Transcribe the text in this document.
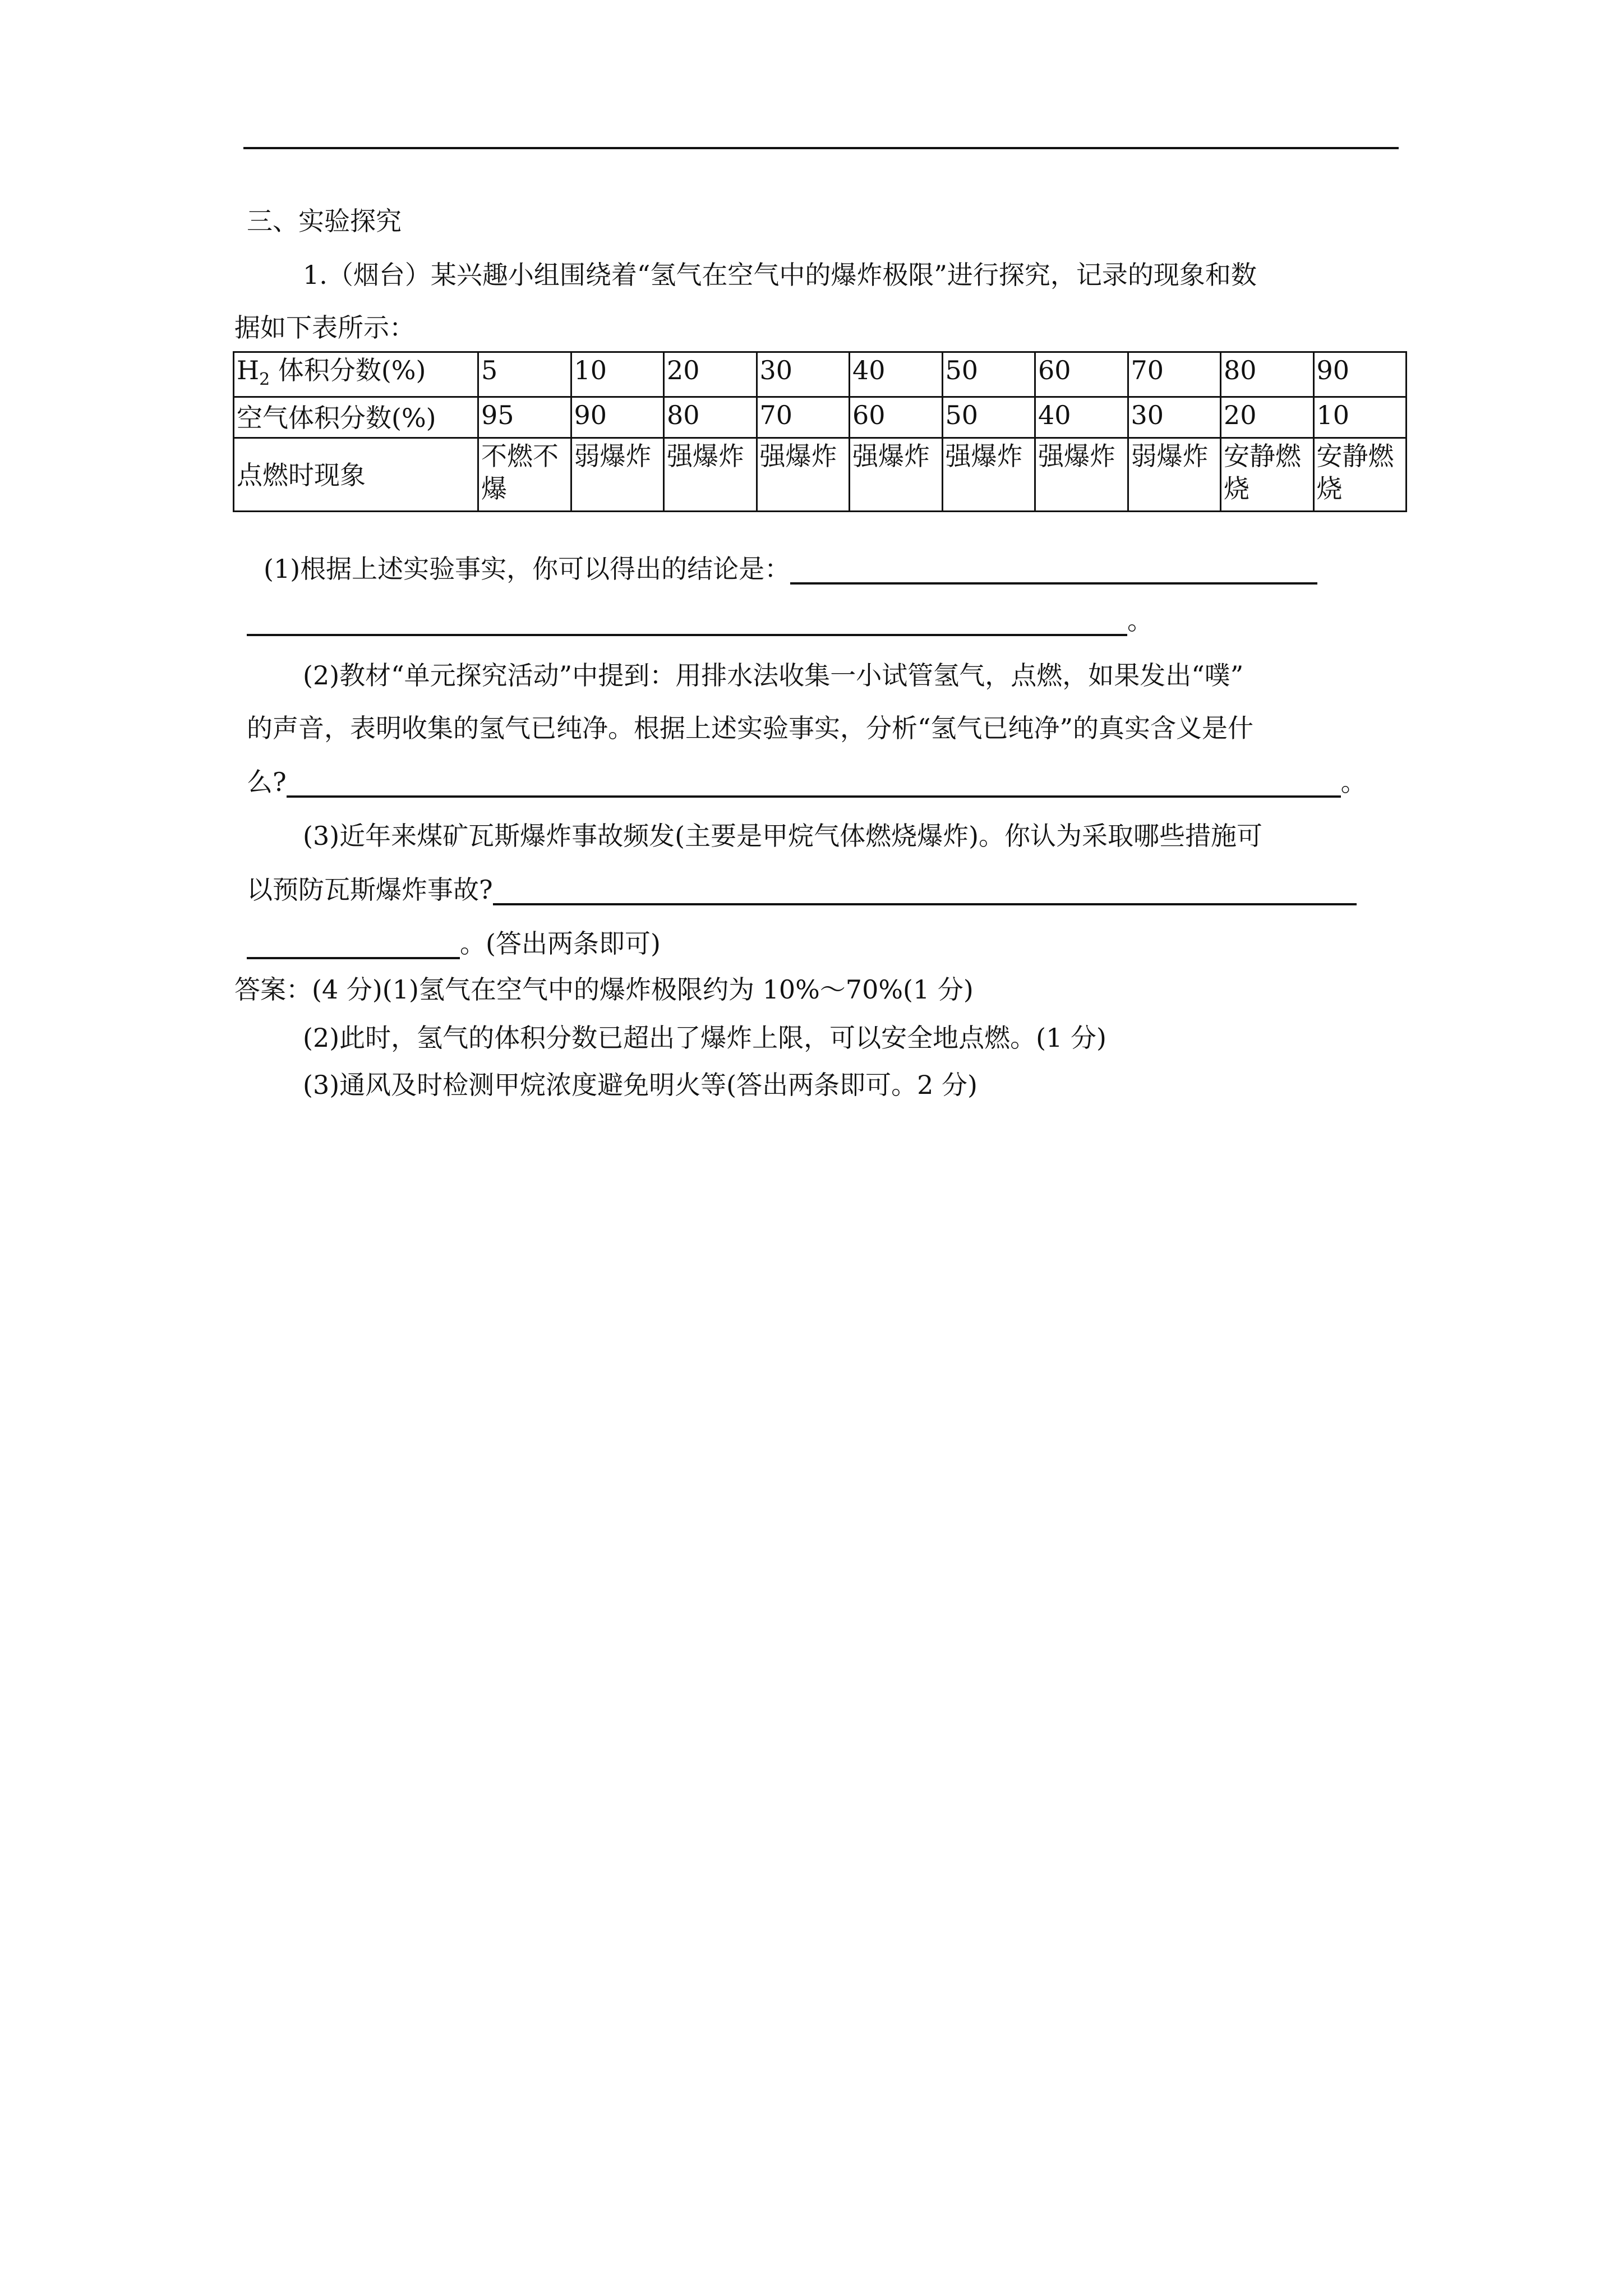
三、实验探究
1.（烟台）某兴趣小组围绕着“氢气在空气中的爆炸极限”进行探究，记录的现象和数
据如下表所示：
$H_2$ 体积分数(%)	5	10	20	30	40	50	60	70	80	90
空气体积分数(%)	95	90	80	70	60	50	40	30	20	10
点燃时现象	不燃不爆	弱爆炸	强爆炸	强爆炸	强爆炸	强爆炸	强爆炸	弱爆炸	安静燃烧	安静燃烧
(1)根据上述实验事实，你可以得出的结论是：
。
(2)教材“单元探究活动”中提到：用排水法收集一小试管氢气，点燃，如果发出“噗”
的声音，表明收集的氢气已纯净。根据上述实验事实，分析“氢气已纯净”的真实含义是什
么?	。
(3)近年来煤矿瓦斯爆炸事故频发(主要是甲烷气体燃烧爆炸)。你认为采取哪些措施可
以预防瓦斯爆炸事故?
。(答出两条即可)
答案：(4 分)(1)氢气在空气中的爆炸极限约为 10%～70%(1 分)
(2)此时，氢气的体积分数已超出了爆炸上限，可以安全地点燃。(1 分)
(3)通风及时检测甲烷浓度避免明火等(答出两条即可。2 分)
